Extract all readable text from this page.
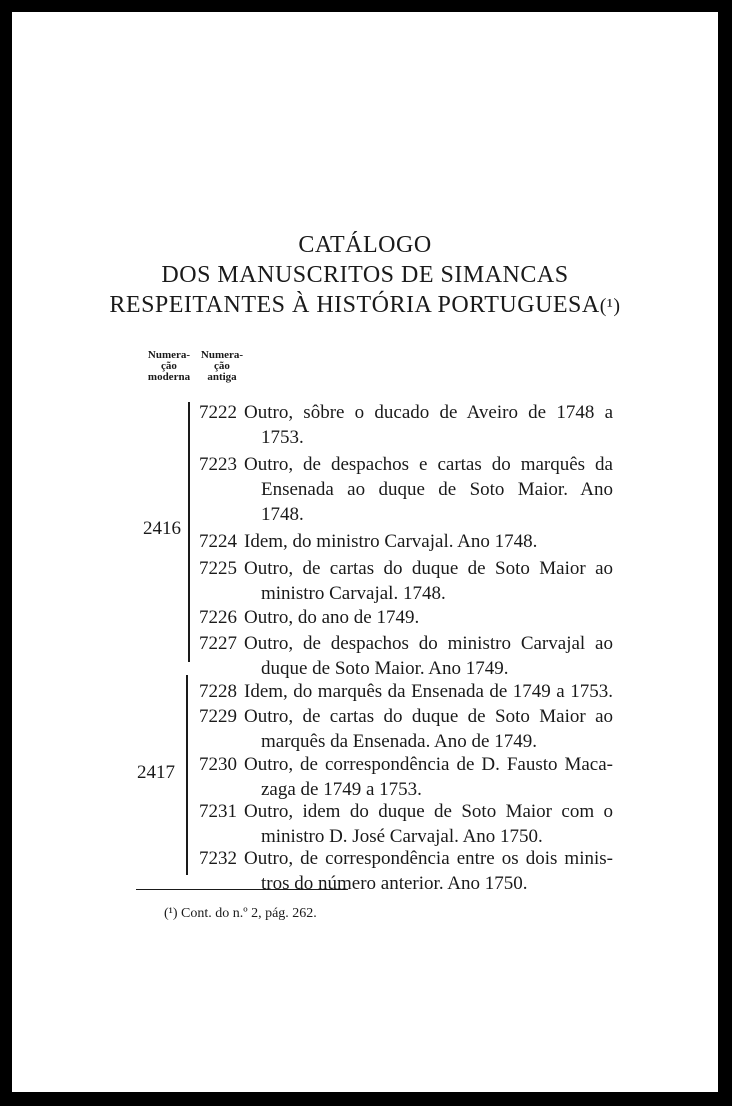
CATÁLOGO
DOS MANUSCRITOS DE SIMANCAS
RESPEITANTES À HISTÓRIA PORTUGUESA(¹)
Numera-
ção
moderna
Numera-
ção
antiga
2416
2417
7222 Outro, sôbre o ducado de Aveiro de 1748 a
1753.
7223 Outro, de despachos e cartas do marquês da
Ensenada ao duque de Soto Maior. Ano
1748.
7224 Idem, do ministro Carvajal. Ano 1748.
7225 Outro, de cartas do duque de Soto Maior ao
ministro Carvajal. 1748.
7226 Outro, do ano de 1749.
7227 Outro, de despachos do ministro Carvajal ao
duque de Soto Maior. Ano 1749.
7228 Idem, do marquês da Ensenada de 1749 a 1753.
7229 Outro, de cartas do duque de Soto Maior ao
marquês da Ensenada. Ano de 1749.
7230 Outro, de correspondência de D. Fausto Maca-
zaga de 1749 a 1753.
7231 Outro, idem do duque de Soto Maior com o
ministro D. José Carvajal. Ano 1750.
7232 Outro, de correspondência entre os dois minis-
tros do número anterior. Ano 1750.
(¹) Cont. do n.º 2, pág. 262.
